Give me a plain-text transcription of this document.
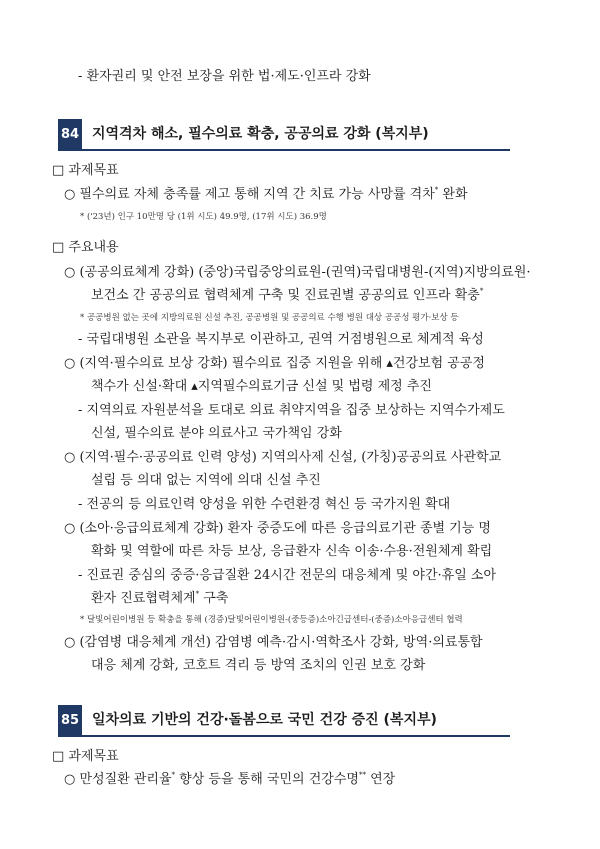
- 환자권리 및 안전 보장을 위한 법·제도·인프라 강화
84 지역격차 해소, 필수의료 확충, 공공의료 강화 (복지부)
□ 과제목표
○ 필수의료 자체 충족률 제고 통해 지역 간 치료 가능 사망률 격차* 완화
* ('23년) 인구 10만명 당 (1위 시도) 49.9명, (17위 시도) 36.9명
□ 주요내용
○ (공공의료체계 강화) (중앙)국립중앙의료원-(권역)국립대병원-(지역)지방의료원·
보건소 간 공공의료 협력체계 구축 및 진료권별 공공의료 인프라 확충*
* 공공병원 없는 곳에 지방의료원 신설 추진, 공공병원 및 공공의료 수행 병원 대상 공공성 평가·보상 등
- 국립대병원 소관을 복지부로 이관하고, 권역 거점병원으로 체계적 육성
○ (지역·필수의료 보상 강화) 필수의료 집중 지원을 위해 ▴건강보험 공공정
책수가 신설·확대 ▴지역필수의료기금 신설 및 법령 제정 추진
- 지역의료 자원분석을 토대로 의료 취약지역을 집중 보상하는 지역수가제도
신설, 필수의료 분야 의료사고 국가책임 강화
○ (지역·필수·공공의료 인력 양성) 지역의사제 신설, (가칭)공공의료 사관학교
설립 등 의대 없는 지역에 의대 신설 추진
- 전공의 등 의료인력 양성을 위한 수련환경 혁신 등 국가지원 확대
○ (소아·응급의료체계 강화) 환자 중증도에 따른 응급의료기관 종별 기능 명
확화 및 역할에 따른 차등 보상, 응급환자 신속 이송·수용·전원체계 확립
- 진료권 중심의 중증·응급질환 24시간 전문의 대응체계 및 야간·휴일 소아
환자 진료협력체계* 구축
* 달빛어린이병원 등 확충을 통해 (경증)달빛어린이병원-(중등증)소아긴급센터-(중증)소아응급센터 협력
○ (감염병 대응체계 개선) 감염병 예측·감시·역학조사 강화, 방역·의료통합
대응 체계 강화, 코호트 격리 등 방역 조치의 인권 보호 강화
85 일차의료 기반의 건강·돌봄으로 국민 건강 증진 (복지부)
□ 과제목표
○ 만성질환 관리율* 향상 등을 통해 국민의 건강수명** 연장
